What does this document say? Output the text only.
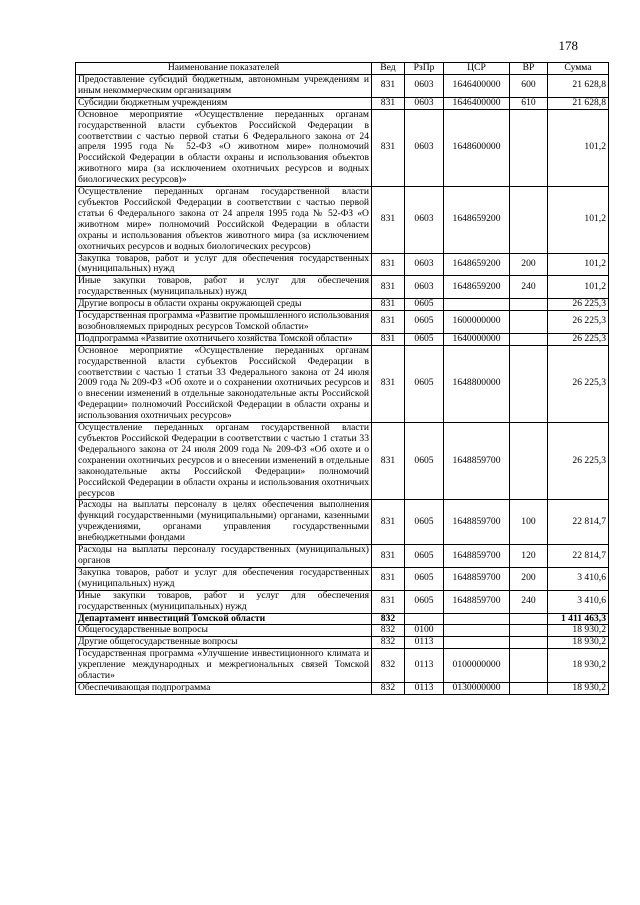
178
Наименование показателей	Вед	РзПр	ЦСР	ВР	Сумма
Предоставление субсидий бюджетным, автономным учреждениям и иным некоммерческим организациям	831	0603	1646400000	600	21 628,8
Субсидии бюджетным учреждениям	831	0603	1646400000	610	21 628,8
Основное мероприятие «Осуществление переданных органам государственной власти субъектов Российской Федерации в соответствии с частью первой статьи 6 Федерального закона от 24 апреля 1995 года № 52-ФЗ «О животном мире» полномочий Российской Федерации в области охраны и использования объектов животного мира (за исключением охотничьих ресурсов и водных биологических ресурсов)»	831	0603	1648600000		101,2
Осуществление переданных органам государственной власти субъектов Российской Федерации в соответствии с частью первой статьи 6 Федерального закона от 24 апреля 1995 года № 52-ФЗ «О животном мире» полномочий Российской Федерации в области охраны и использования объектов животного мира (за исключением охотничьих ресурсов и водных биологических ресурсов)	831	0603	1648659200		101,2
Закупка товаров, работ и услуг для обеспечения государственных (муниципальных) нужд	831	0603	1648659200	200	101,2
Иные закупки товаров, работ и услуг для обеспечения государственных (муниципальных) нужд	831	0603	1648659200	240	101,2
Другие вопросы в области охраны окружающей среды	831	0605			26 225,3
Государственная программа «Развитие промышленного использования возобновляемых природных ресурсов Томской области»	831	0605	1600000000		26 225,3
Подпрограмма «Развитие охотничьего хозяйства Томской области»	831	0605	1640000000		26 225,3
Основное мероприятие «Осуществление переданных органам государственной власти субъектов Российской Федерации в соответствии с частью 1 статьи 33 Федерального закона от 24 июля 2009 года № 209-ФЗ «Об охоте и о сохранении охотничьих ресурсов и о внесении изменений в отдельные законодательные акты Российской Федерации» полномочий Российской Федерации в области охраны и использования охотничьих ресурсов»	831	0605	1648800000		26 225,3
Осуществление переданных органам государственной власти субъектов Российской Федерации в соответствии с частью 1 статьи 33 Федерального закона от 24 июля 2009 года № 209-ФЗ «Об охоте и о сохранении охотничьих ресурсов и о внесении изменений в отдельные законодательные акты Российской Федерации» полномочий Российской Федерации в области охраны и использования охотничьих ресурсов	831	0605	1648859700		26 225,3
Расходы на выплаты персоналу в целях обеспечения выполнения функций государственными (муниципальными) органами, казенными учреждениями, органами управления государственными внебюджетными фондами	831	0605	1648859700	100	22 814,7
Расходы на выплаты персоналу государственных (муниципальных) органов	831	0605	1648859700	120	22 814,7
Закупка товаров, работ и услуг для обеспечения государственных (муниципальных) нужд	831	0605	1648859700	200	3 410,6
Иные закупки товаров, работ и услуг для обеспечения государственных (муниципальных) нужд	831	0605	1648859700	240	3 410,6
Департамент инвестиций Томской области	832				1 411 463,3
Общегосударственные вопросы	832	0100			18 930,2
Другие общегосударственные вопросы	832	0113			18 930,2
Государственная программа «Улучшение инвестиционного климата и укрепление международных и межрегиональных связей Томской области»	832	0113	0100000000		18 930,2
Обеспечивающая подпрограмма	832	0113	0130000000		18 930,2
